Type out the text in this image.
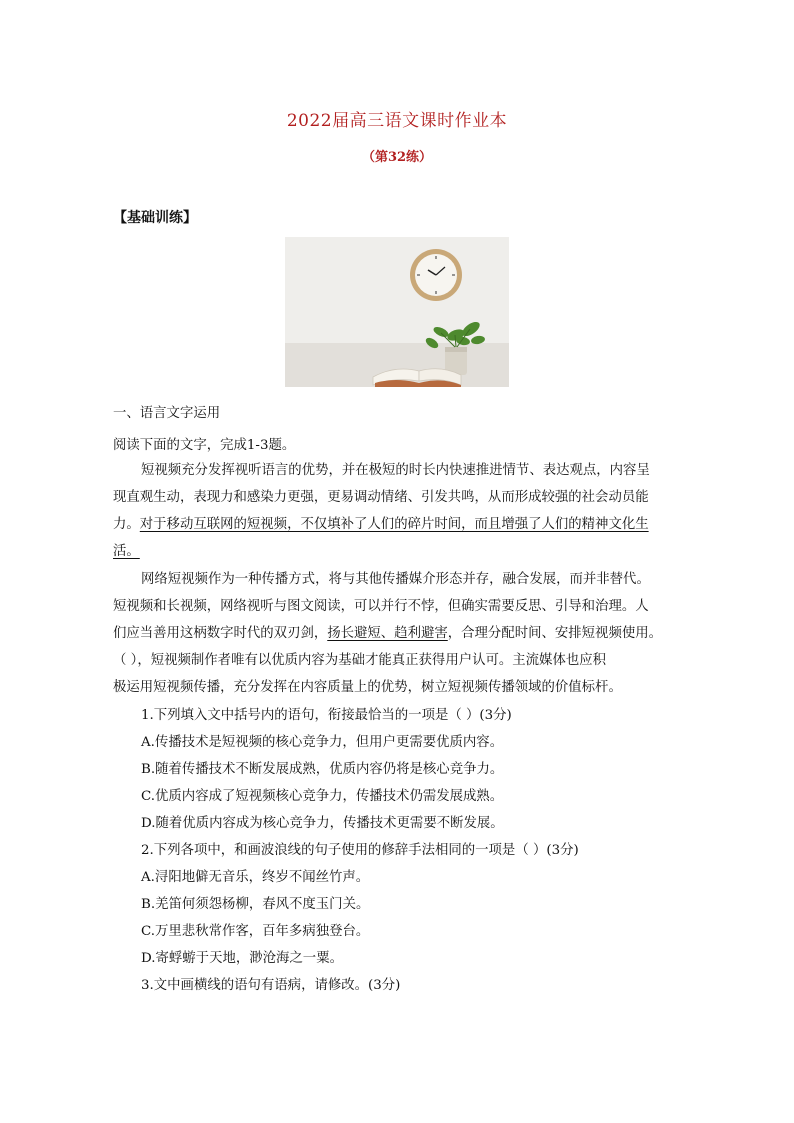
2022届高三语文课时作业本
（第32练）
【基础训练】
一、语言文字运用
阅读下面的文字，完成1-3题。
短视频充分发挥视听语言的优势，并在极短的时长内快速推进情节、表达观点，内容呈
现直观生动，表现力和感染力更强，更易调动情绪、引发共鸣，从而形成较强的社会动员能
力。对于移动互联网的短视频，不仅填补了人们的碎片时间，而且增强了人们的精神文化生
活。
网络短视频作为一种传播方式，将与其他传播媒介形态并存，融合发展，而并非替代。
短视频和长视频，网络视听与图文阅读，可以并行不悖，但确实需要反思、引导和治理。人
们应当善用这柄数字时代的双刃剑，扬长避短、趋利避害，合理分配时间、安排短视频使用。
（ ），短视频制作者唯有以优质内容为基础才能真正获得用户认可。主流媒体也应积
极运用短视频传播，充分发挥在内容质量上的优势，树立短视频传播领域的价值标杆。
1.下列填入文中括号内的语句，衔接最恰当的一项是（ ）(3分)
A.传播技术是短视频的核心竞争力，但用户更需要优质内容。
B.随着传播技术不断发展成熟，优质内容仍将是核心竞争力。
C.优质内容成了短视频核心竞争力，传播技术仍需发展成熟。
D.随着优质内容成为核心竞争力，传播技术更需要不断发展。
2.下列各项中，和画波浪线的句子使用的修辞手法相同的一项是（ ）(3分)
A.浔阳地僻无音乐，终岁不闻丝竹声。
B.羌笛何须怨杨柳，春风不度玉门关。
C.万里悲秋常作客，百年多病独登台。
D.寄蜉蝣于天地，渺沧海之一粟。
3.文中画横线的语句有语病，请修改。(3分)
